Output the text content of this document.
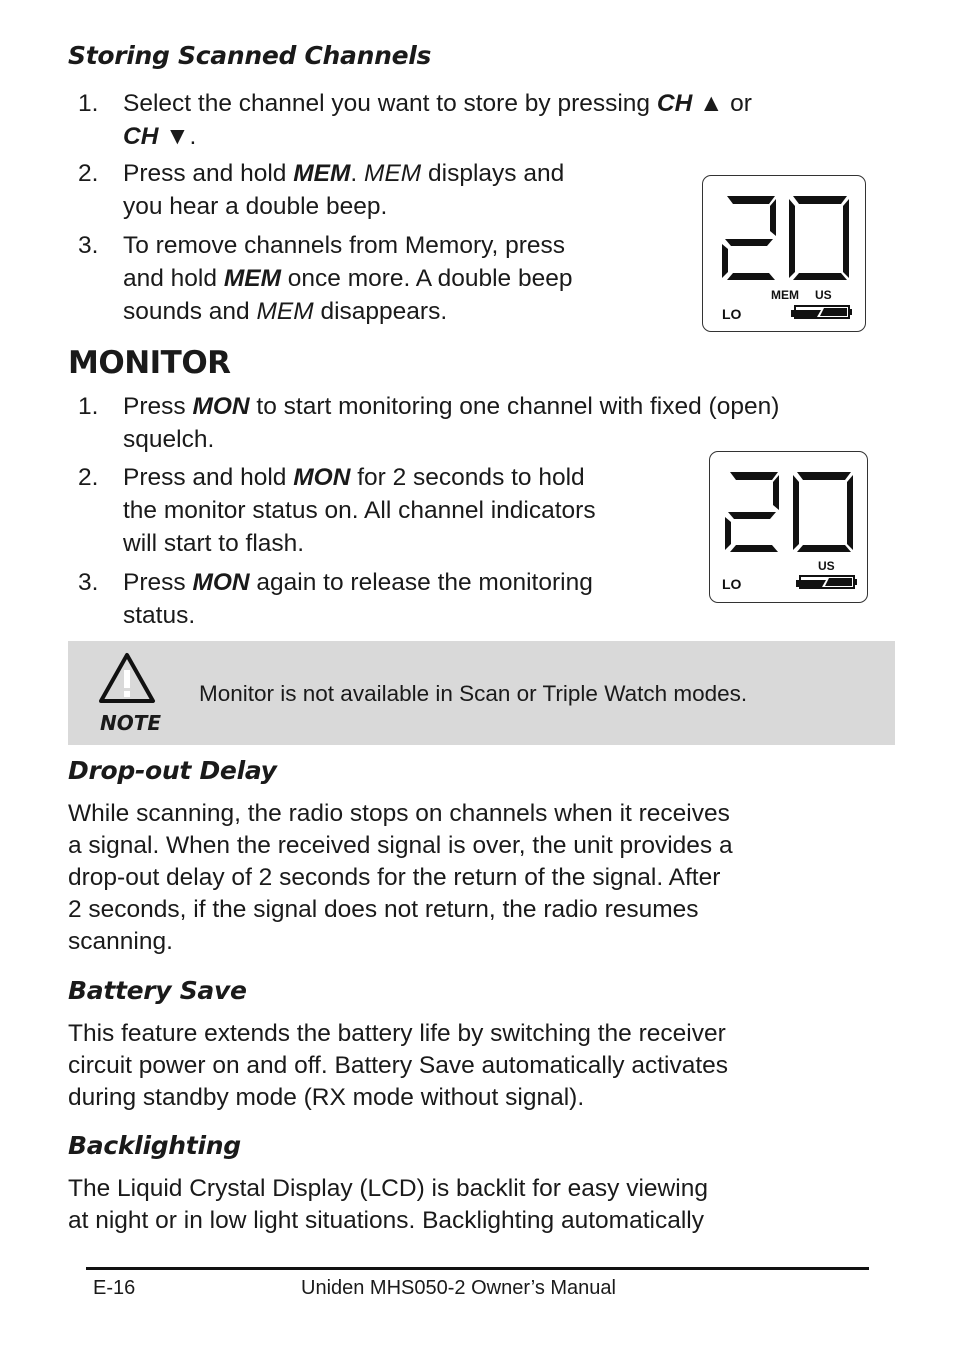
Storing Scanned Channels
1. Select the channel you want to store by pressing CH ▲ or
CH ▼.
2. Press and hold MEM. MEM displays and
you hear a double beep.
3. To remove channels from Memory, press
and hold MEM once more. A double beep
sounds and MEM disappears.
MEM US
LO
MONITOR
1. Press MON to start monitoring one channel with fixed (open)
squelch.
2. Press and hold MON for 2 seconds to hold
the monitor status on. All channel indicators
will start to flash.
3. Press MON again to release the monitoring
status.
US
LO
NOTE
Monitor is not available in Scan or Triple Watch modes.
Drop-out Delay
While scanning, the radio stops on channels when it receives
a signal. When the received signal is over, the unit provides a
drop-out delay of 2 seconds for the return of the signal. After
2 seconds, if the signal does not return, the radio resumes
scanning.
Battery Save
This feature extends the battery life by switching the receiver
circuit power on and off. Battery Save automatically activates
during standby mode (RX mode without signal).
Backlighting
The Liquid Crystal Display (LCD) is backlit for easy viewing
at night or in low light situations. Backlighting automatically
E-16	Uniden MHS050-2 Owner’s Manual
